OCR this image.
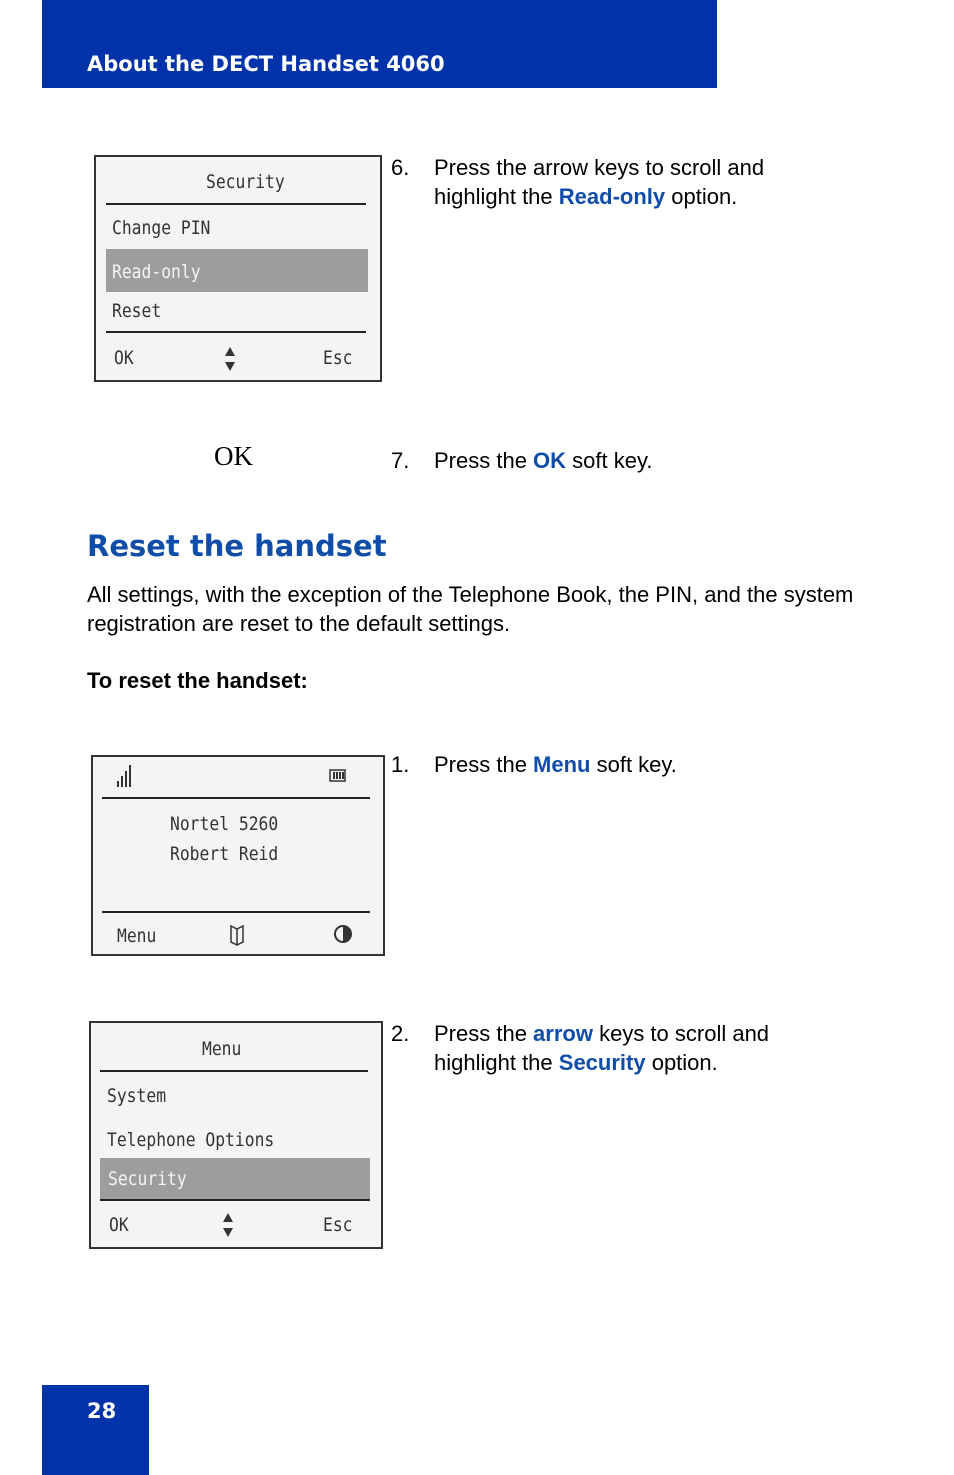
About the DECT Handset 4060
Security
Change PIN
Read-only
Reset
OK	Esc
6. Press the arrow keys to scroll and
highlight the Read-only option.
OK	7. Press the OK soft key.
Reset the handset
All settings, with the exception of the Telephone Book, the PIN, and the system registration are reset to the default settings.
To reset the handset:
Nortel 5260
Robert Reid
Menu
1. Press the Menu soft key.
Menu
System
Telephone Options
Security
OK	Esc
2. Press the arrow keys to scroll and
highlight the Security option.
28
